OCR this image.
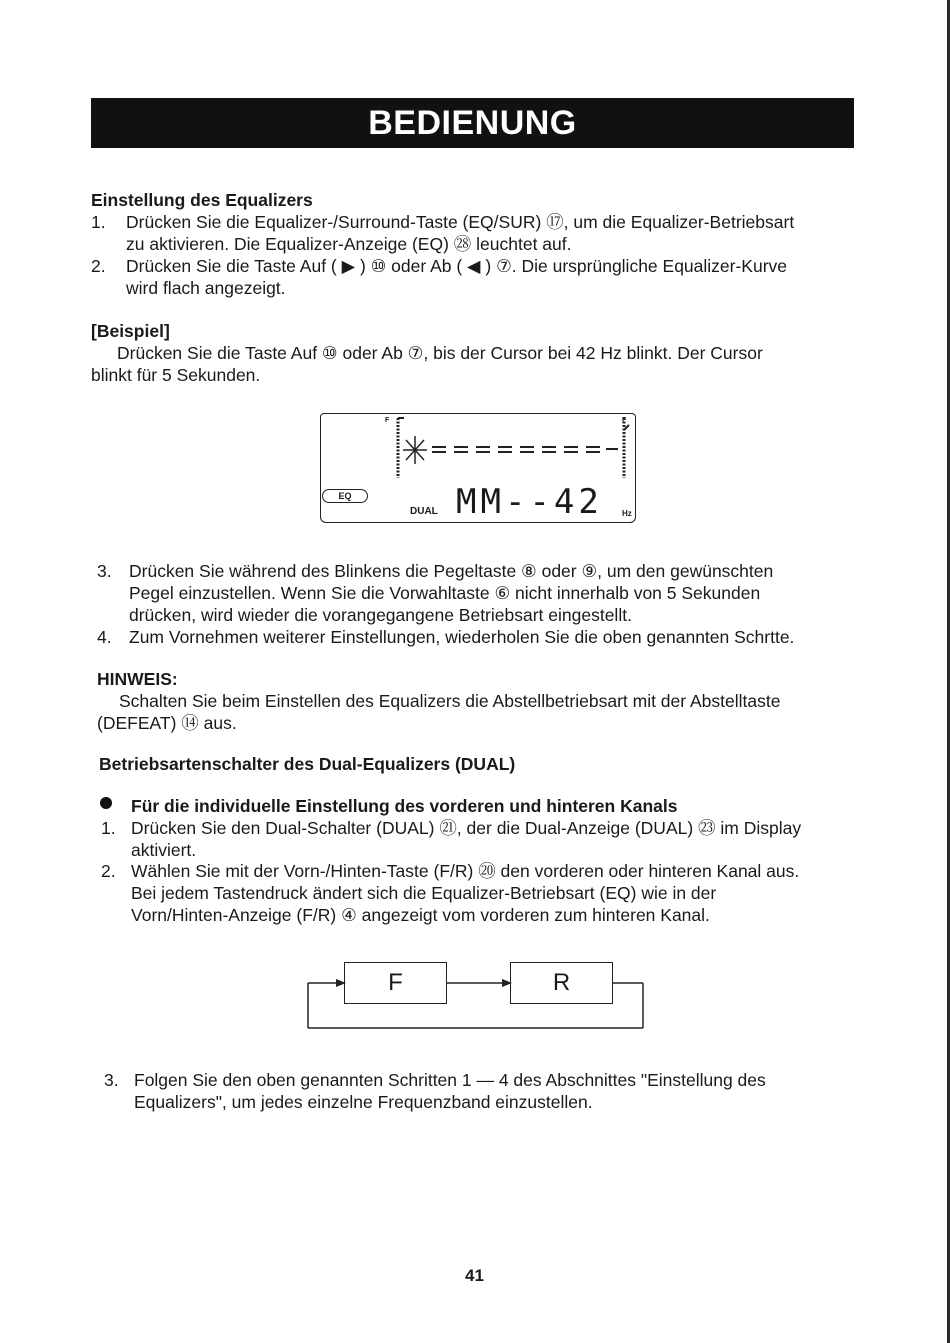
BEDIENUNG
Einstellung des Equalizers
1. Drücken Sie die Equalizer-/Surround-Taste (EQ/SUR) ⑰, um die Equalizer-Betriebsart
zu aktivieren. Die Equalizer-Anzeige (EQ) ㉘ leuchtet auf.
2. Drücken Sie die Taste Auf ( ▶ ) ⑩ oder Ab ( ◀ ) ⑦. Die ursprüngliche Equalizer-Kurve
wird flach angezeigt.
[Beispiel]
Drücken Sie die Taste Auf ⑩ oder Ab ⑦, bis der Cursor bei 42 Hz blinkt. Der Cursor
blinkt für 5 Sekunden.
F	F
EQ
DUAL MM--42 Hz
3. Drücken Sie während des Blinkens die Pegeltaste ⑧ oder ⑨, um den gewünschten
Pegel einzustellen. Wenn Sie die Vorwahltaste ⑥ nicht innerhalb von 5 Sekunden
drücken, wird wieder die vorangegangene Betriebsart eingestellt.
4. Zum Vornehmen weiterer Einstellungen, wiederholen Sie die oben genannten Schrtte.
HINWEIS:
Schalten Sie beim Einstellen des Equalizers die Abstellbetriebsart mit der Abstelltaste
(DEFEAT) ⑭ aus.
Betriebsartenschalter des Dual-Equalizers (DUAL)
Für die individuelle Einstellung des vorderen und hinteren Kanals
1. Drücken Sie den Dual-Schalter (DUAL) ㉑, der die Dual-Anzeige (DUAL) ㉓ im Display
aktiviert.
2. Wählen Sie mit der Vorn-/Hinten-Taste (F/R) ⑳ den vorderen oder hinteren Kanal aus.
Bei jedem Tastendruck ändert sich die Equalizer-Betriebsart (EQ) wie in der
Vorn/Hinten-Anzeige (F/R) ④ angezeigt vom vorderen zum hinteren Kanal.
F	R
3. Folgen Sie den oben genannten Schritten 1 — 4 des Abschnittes "Einstellung des
Equalizers", um jedes einzelne Frequenzband einzustellen.
41
